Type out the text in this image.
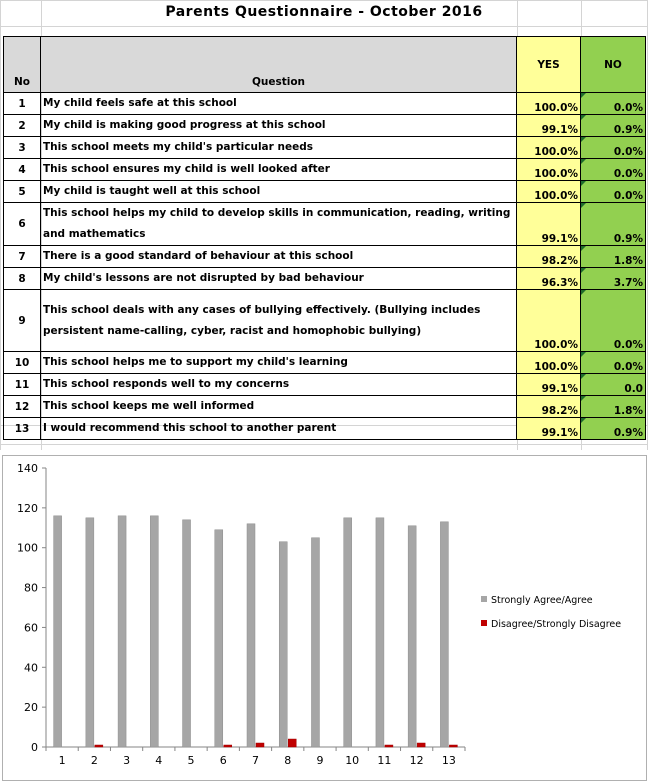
Parents Questionnaire - October 2016
No	Question	YES	NO
1	My child feels safe at this school	100.0%	0.0%
2	My child is making good progress at this school	99.1%	0.9%
3	This school meets my child's particular needs	100.0%	0.0%
4	This school ensures my child is well looked after	100.0%	0.0%
5	My child is taught well at this school	100.0%	0.0%
6	This school helps my child to develop skills in communication, reading, writing and mathematics	99.1%	0.9%
7	There is a good standard of behaviour at this school	98.2%	1.8%
8	My child's lessons are not disrupted by bad behaviour	96.3%	3.7%
9	This school deals with any cases of bullying effectively. (Bullying includes persistent name-calling, cyber, racist and homophobic bullying)	100.0%	0.0%
10	This school helps me to support my child's learning	100.0%	0.0%
11	This school responds well to my concerns	99.1%	0.0
12	This school keeps me well informed	98.2%	1.8%
13	I would recommend this school to another parent	99.1%	0.9%
0
20
40
60
80
100
120
140
1 2 3 4 5 6 7 8 9 10 11 12 13
Strongly Agree/Agree
Disagree/Strongly Disagree
